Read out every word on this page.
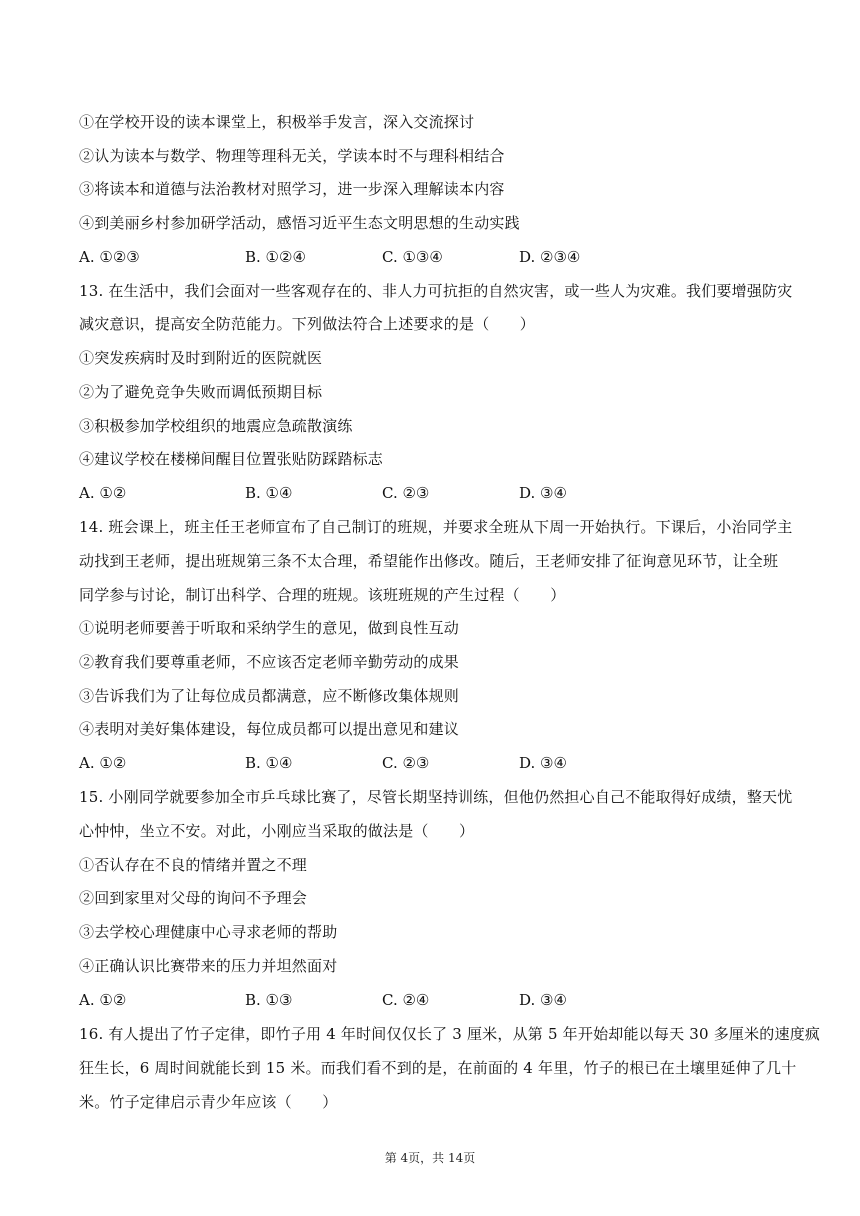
①在学校开设的读本课堂上，积极举手发言，深入交流探讨
②认为读本与数学、物理等理科无关，学读本时不与理科相结合
③将读本和道德与法治教材对照学习，进一步深入理解读本内容
④到美丽乡村参加研学活动，感悟习近平生态文明思想的生动实践
A. ①②③	B. ①②④	C. ①③④	D. ②③④
13. 在生活中，我们会面对一些客观存在的、非人力可抗拒的自然灾害，或一些人为灾难。我们要增强防灾
减灾意识，提高安全防范能力。下列做法符合上述要求的是（　　）
①突发疾病时及时到附近的医院就医
②为了避免竞争失败而调低预期目标
③积极参加学校组织的地震应急疏散演练
④建议学校在楼梯间醒目位置张贴防踩踏标志
A. ①②	B. ①④	C. ②③	D. ③④
14. 班会课上，班主任王老师宣布了自己制订的班规，并要求全班从下周一开始执行。下课后，小治同学主
动找到王老师，提出班规第三条不太合理，希望能作出修改。随后，王老师安排了征询意见环节，让全班
同学参与讨论，制订出科学、合理的班规。该班班规的产生过程（　　）
①说明老师要善于听取和采纳学生的意见，做到良性互动
②教育我们要尊重老师，不应该否定老师辛勤劳动的成果
③告诉我们为了让每位成员都满意，应不断修改集体规则
④表明对美好集体建设，每位成员都可以提出意见和建议
A. ①②	B. ①④	C. ②③	D. ③④
15. 小刚同学就要参加全市乒乓球比赛了，尽管长期坚持训练，但他仍然担心自己不能取得好成绩，整天忧
心忡忡，坐立不安。对此，小刚应当采取的做法是（　　）
①否认存在不良的情绪并置之不理
②回到家里对父母的询问不予理会
③去学校心理健康中心寻求老师的帮助
④正确认识比赛带来的压力并坦然面对
A. ①②	B. ①③	C. ②④	D. ③④
16. 有人提出了竹子定律，即竹子用 4 年时间仅仅长了 3 厘米，从第 5 年开始却能以每天 30 多厘米的速度疯
狂生长，6 周时间就能长到 15 米。而我们看不到的是，在前面的 4 年里，竹子的根已在土壤里延伸了几十
米。竹子定律启示青少年应该（　　）
第 4页，共 14页
